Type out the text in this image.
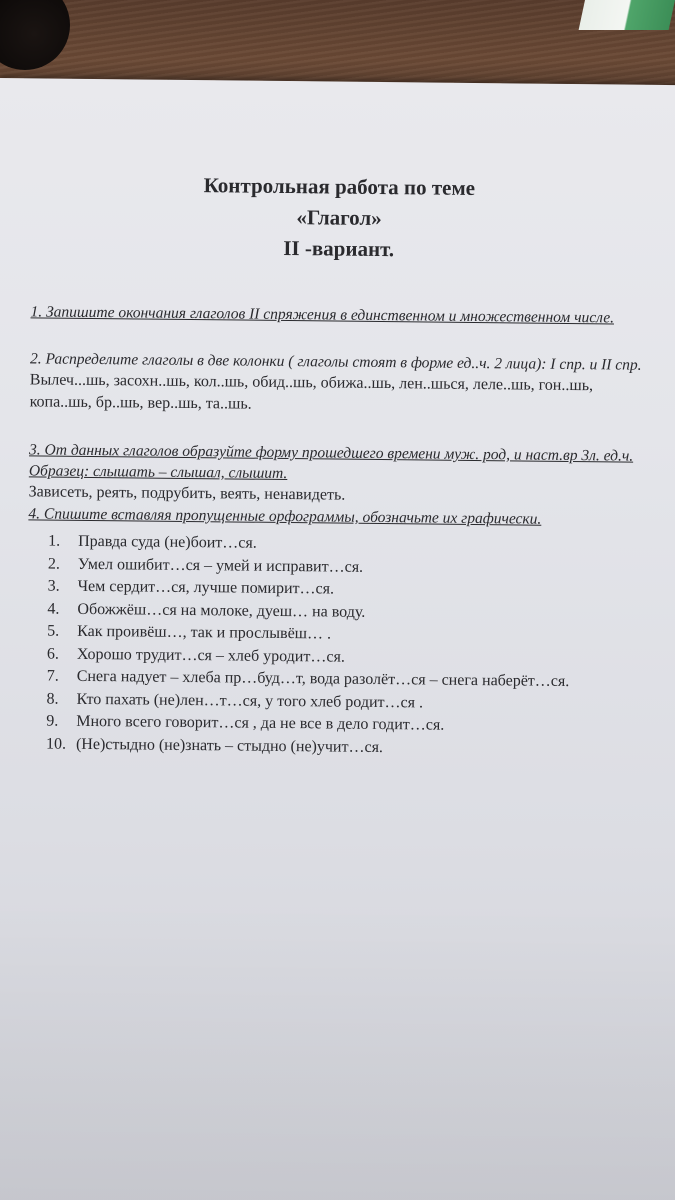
Контрольная работа по теме
«Глагол»
II -вариант.
1. Запишите окончания глаголов II спряжения в единственном и множественном числе.
2. Распределите глаголы в две колонки ( глаголы стоят в форме ед..ч. 2 лица): I спр. и II спр.
Вылеч...шь, засохн..шь, кол..шь, обид..шь, обижа..шь, лен..шься, леле..шь, гон..шь, копа..шь, бр..шь, вер..шь, та..шь.
3. От данных глаголов образуйте форму прошедшего времени муж. род, и наст.вр 3л. ед.ч.
Образец: слышать – слышал, слышит.
Зависеть, реять, подрубить, веять, ненавидеть.
4. Спишите вставляя пропущенные орфограммы, обозначьте их графически.
1.	Правда суда (не)боит…ся.
2.	Умел ошибит…ся – умей и исправит…ся.
3.	Чем сердит…ся, лучше помирит…ся.
4.	Обожжёш…ся на молоке, дуеш… на воду.
5.	Как проивёш…, так и прослывёш… .
6.	Хорошо трудит…ся – хлеб уродит…ся.
7.	Снега надует – хлеба пр…буд…т, вода разолёт…ся – снега наберёт…ся.
8.	Кто пахать (не)лен…т…ся, у того хлеб родит…ся .
9.	Много всего говорит…ся , да не все в дело годит…ся.
10. (Не)стыдно (не)знать – стыдно (не)учит…ся.
